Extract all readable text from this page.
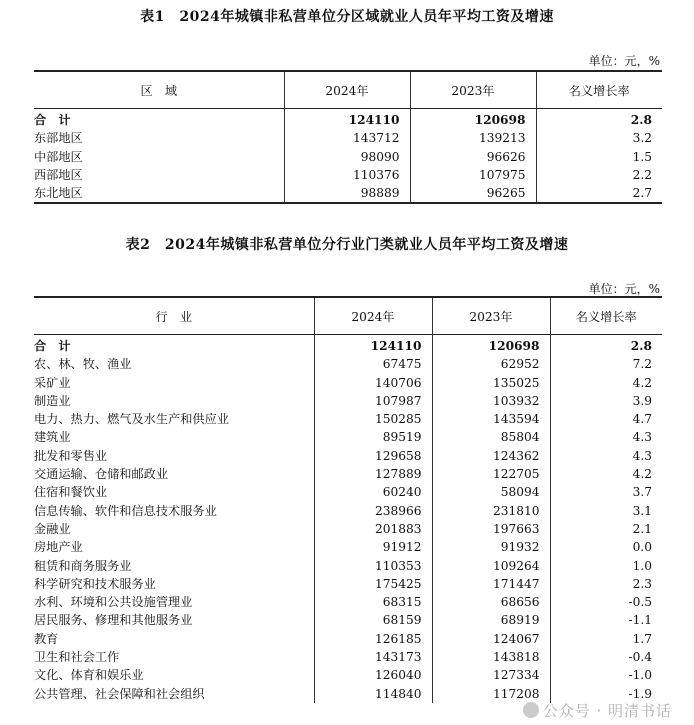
表1　2024年城镇非私营单位分区域就业人员年平均工资及增速
单位：元，%
区　域	2024年	2023年	名义增长率
合　计	124110	120698	2.8
东部地区	143712	139213	3.2
中部地区	98090	96626	1.5
西部地区	110376	107975	2.2
东北地区	98889	96265	2.7
表2　2024年城镇非私营单位分行业门类就业人员年平均工资及增速
单位：元，%
行　业	2024年	2023年	名义增长率
合　计	124110	120698	2.8
农、林、牧、渔业	67475	62952	7.2
采矿业	140706	135025	4.2
制造业	107987	103932	3.9
电力、热力、燃气及水生产和供应业	150285	143594	4.7
建筑业	89519	85804	4.3
批发和零售业	129658	124362	4.3
交通运输、仓储和邮政业	127889	122705	4.2
住宿和餐饮业	60240	58094	3.7
信息传输、软件和信息技术服务业	238966	231810	3.1
金融业	201883	197663	2.1
房地产业	91912	91932	0.0
租赁和商务服务业	110353	109264	1.0
科学研究和技术服务业	175425	171447	2.3
水利、环境和公共设施管理业	68315	68656	-0.5
居民服务、修理和其他服务业	68159	68919	-1.1
教育	126185	124067	1.7
卫生和社会工作	143173	143818	-0.4
文化、体育和娱乐业	126040	127334	-1.0
公共管理、社会保障和社会组织	114840	117208	-1.9
公众号 · 明清书话
